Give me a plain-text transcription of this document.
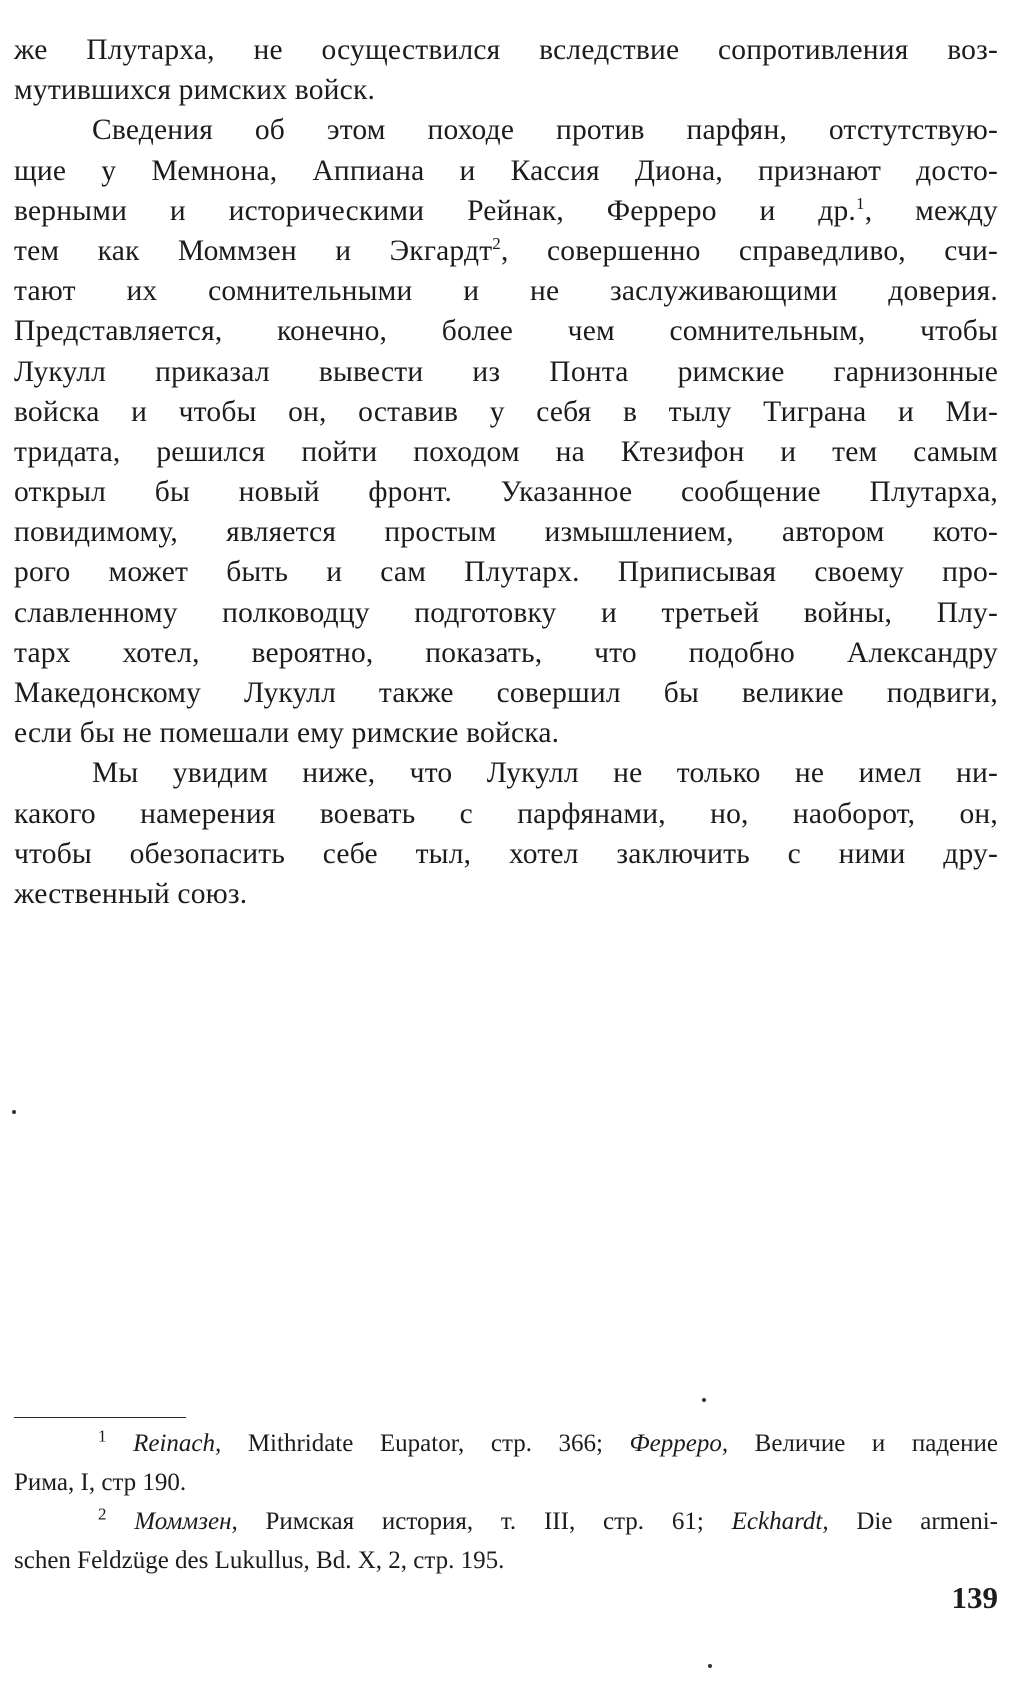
же Плутарха, не осуществился вследствие сопротивления воз-
мутившихся римских войск.
Сведения об этом походе против парфян, отстутствую-
щие у Мемнона, Аппиана и Кассия Диона, признают досто-
верными и историческими Рейнак, Ферреро и др.$^1$, между
тем как Моммзен и Экгардт$^2$, совершенно справедливо, счи-
тают их сомнительными и не заслуживающими доверия.
Представляется, конечно, более чем сомнительным, чтобы
Лукулл приказал вывести из Понта римские гарнизонные
войска и чтобы он, оставив у себя в тылу Тиграна и Ми-
тридата, решился пойти походом на Ктезифон и тем самым
открыл бы новый фронт. Указанное сообщение Плутарха,
повидимому, является простым измышлением, автором кото-
рого может быть и сам Плутарх. Приписывая своему про-
славленному полководцу подготовку и третьей войны, Плу-
тарх хотел, вероятно, показать, что подобно Александру
Македонскому Лукулл также совершил бы великие подвиги,
если бы не помешали ему римские войска.
Мы увидим ниже, что Лукулл не только не имел ни-
какого намерения воевать с парфянами, но, наоборот, он,
чтобы обезопасить себе тыл, хотел заключить с ними дру-
жественный союз.
$^1$ Reinach, Mithridate Eupator, стр. 366; Ферреро, Величие и падение
Рима, I, стр 190.
$^2$ Моммзен, Римская история, т. III, стр. 61; Eckhardt, Die armeni-
schen Feldzüge des Lukullus, Bd. X, 2, стр. 195.
139
